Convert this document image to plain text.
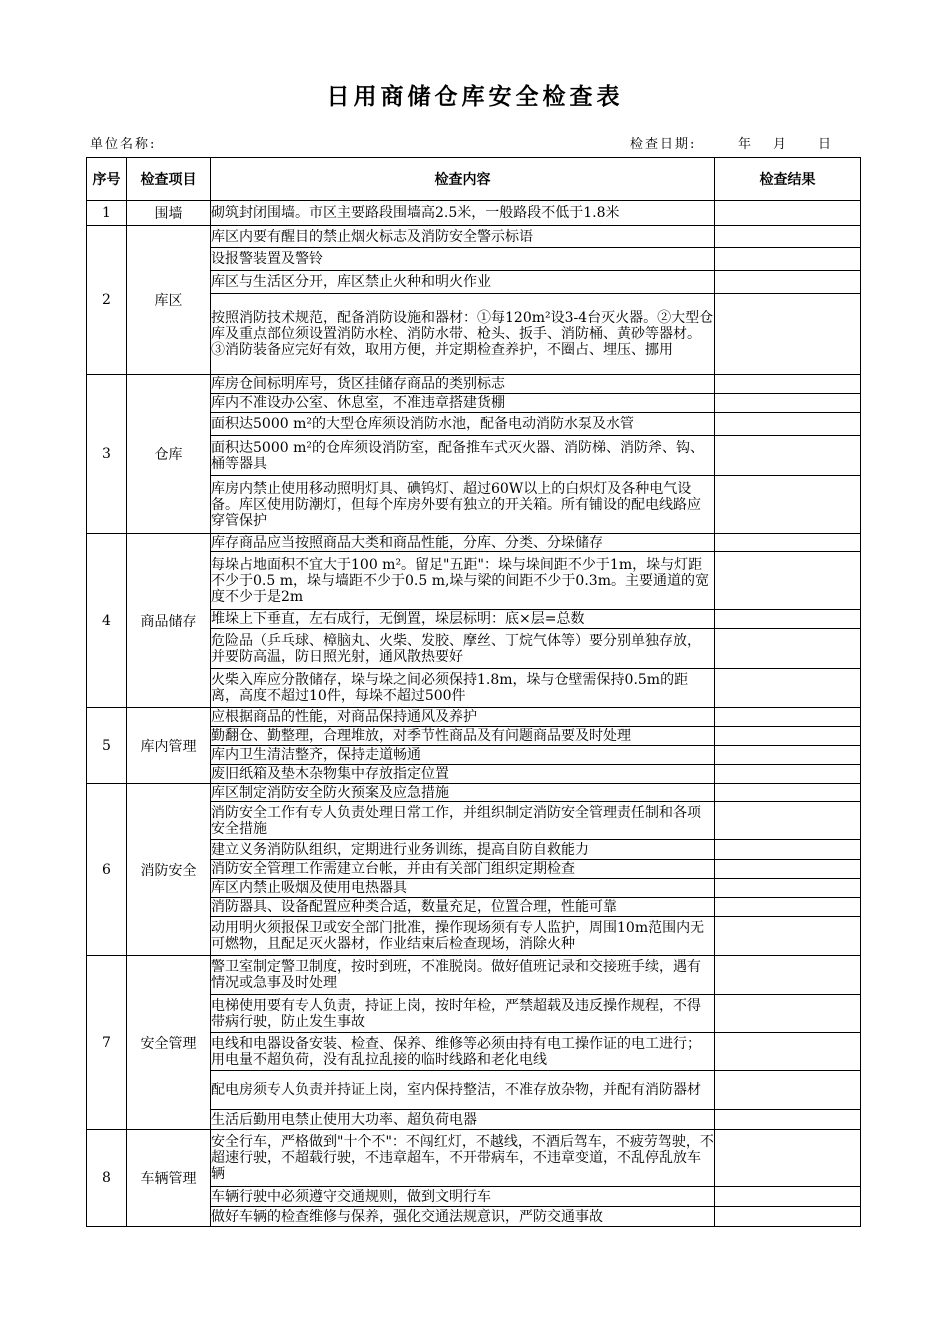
日用商储仓库安全检查表
单位名称:	检查日期:	年 月 日
序号	检查项目	检查内容	检查结果
1	围墙	砌筑封闭围墙。市区主要路段围墙高2.5米，一般路段不低于1.8米	
2	库区	库区内要有醒目的禁止烟火标志及消防安全警示标语	
		设报警装置及警铃	
		库区与生活区分开，库区禁止火种和明火作业	
		按照消防技术规范，配备消防设施和器材：①每120m²设3-4台灭火器。②大型仓库及重点部位须设置消防水栓、消防水带、枪头、扳手、消防桶、黄砂等器材。③消防装备应完好有效，取用方便，并定期检查养护，不圈占、埋压、挪用	
3	仓库	库房仓间标明库号，货区挂储存商品的类别标志	
		库内不准设办公室、休息室，不准违章搭建货棚	
		面积达5000 m²的大型仓库须设消防水池，配备电动消防水泵及水管	
		面积达5000 m²的仓库须设消防室，配备推车式灭火器、消防梯、消防斧、钩、桶等器具	
		库房内禁止使用移动照明灯具、碘钨灯、超过60W以上的白炽灯及各种电气设备。库区使用防潮灯，但每个库房外要有独立的开关箱。所有铺设的配电线路应穿管保护	
4	商品储存	库存商品应当按照商品大类和商品性能，分库、分类、分垛储存	
		每垛占地面积不宜大于100 m²。留足"五距"：垛与垛间距不少于1m，垛与灯距不少于0.5 m，垛与墙距不少于0.5 m,垛与梁的间距不少于0.3m。主要通道的宽度不少于是2m	
		堆垛上下垂直，左右成行，无倒置，垛层标明：底×层=总数	
		危险品（乒乓球、樟脑丸、火柴、发胶、摩丝、丁烷气体等）要分别单独存放，并要防高温，防日照光射，通风散热要好	
		火柴入库应分散储存，垛与垛之间必须保持1.8m，垛与仓壁需保持0.5m的距离，高度不超过10件，每垛不超过500件	
5	库内管理	应根据商品的性能，对商品保持通风及养护	
		勤翻仓、勤整理，合理堆放，对季节性商品及有问题商品要及时处理	
		库内卫生清洁整齐，保持走道畅通	
		废旧纸箱及垫木杂物集中存放指定位置	
6	消防安全	库区制定消防安全防火预案及应急措施	
		消防安全工作有专人负责处理日常工作，并组织制定消防安全管理责任制和各项安全措施	
		建立义务消防队组织，定期进行业务训练，提高自防自救能力	
		消防安全管理工作需建立台帐，并由有关部门组织定期检查	
		库区内禁止吸烟及使用电热器具	
		消防器具、设备配置应种类合适，数量充足，位置合理，性能可靠	
		动用明火须报保卫或安全部门批准，操作现场须有专人监护，周围10m范围内无可燃物，且配足灭火器材，作业结束后检查现场，消除火种	
7	安全管理	警卫室制定警卫制度，按时到班，不准脱岗。做好值班记录和交接班手续，遇有情况或急事及时处理	
		电梯使用要有专人负责，持证上岗，按时年检，严禁超载及违反操作规程，不得带病行驶，防止发生事故	
		电线和电器设备安装、检查、保养、维修等必须由持有电工操作证的电工进行；用电量不超负荷，没有乱拉乱接的临时线路和老化电线	
		配电房须专人负责并持证上岗，室内保持整洁，不准存放杂物，并配有消防器材	
		生活后勤用电禁止使用大功率、超负荷电器	
8	车辆管理	安全行车，严格做到"十个不"：不闯红灯，不越线，不酒后驾车，不疲劳驾驶，不超速行驶，不超载行驶，不违章超车，不开带病车，不违章变道，不乱停乱放车辆	
		车辆行驶中必须遵守交通规则，做到文明行车	
		做好车辆的检查维修与保养，强化交通法规意识，严防交通事故	
